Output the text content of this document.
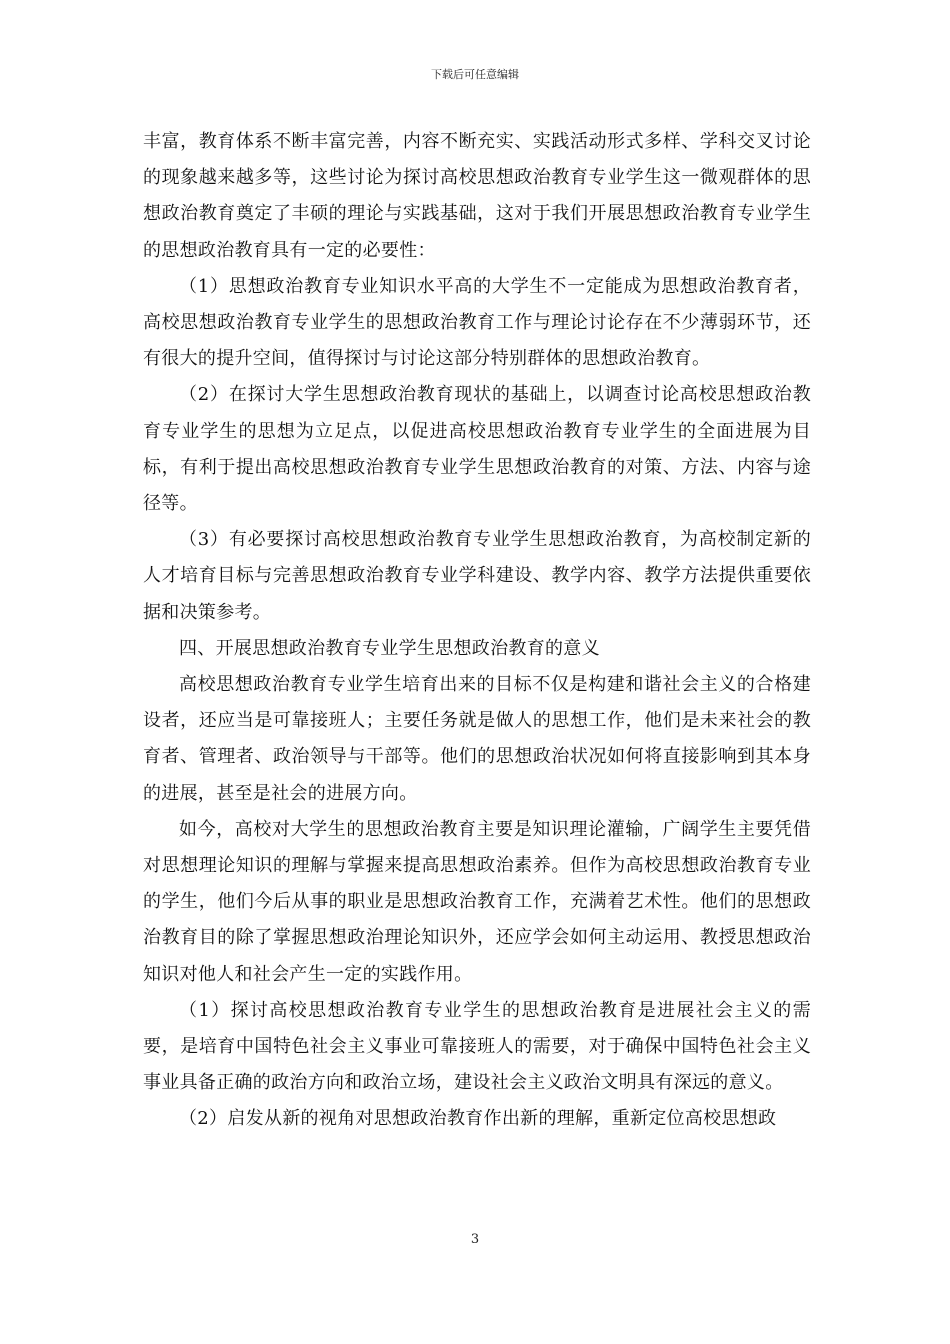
下载后可任意编辑

丰富，教育体系不断丰富完善，内容不断充实、实践活动形式多样、学科交叉讨论的现象越来越多等，这些讨论为探讨高校思想政治教育专业学生这一微观群体的思想政治教育奠定了丰硕的理论与实践基础，这对于我们开展思想政治教育专业学生的思想政治教育具有一定的必要性：

（1）思想政治教育专业知识水平高的大学生不一定能成为思想政治教育者，高校思想政治教育专业学生的思想政治教育工作与理论讨论存在不少薄弱环节，还有很大的提升空间，值得探讨与讨论这部分特别群体的思想政治教育。

（2）在探讨大学生思想政治教育现状的基础上，以调查讨论高校思想政治教育专业学生的思想为立足点，以促进高校思想政治教育专业学生的全面进展为目标，有利于提出高校思想政治教育专业学生思想政治教育的对策、方法、内容与途径等。

（3）有必要探讨高校思想政治教育专业学生思想政治教育，为高校制定新的人才培育目标与完善思想政治教育专业学科建设、教学内容、教学方法提供重要依据和决策参考。

四、开展思想政治教育专业学生思想政治教育的意义

高校思想政治教育专业学生培育出来的目标不仅是构建和谐社会主义的合格建设者，还应当是可靠接班人；主要任务就是做人的思想工作，他们是未来社会的教育者、管理者、政治领导与干部等。他们的思想政治状况如何将直接影响到其本身的进展，甚至是社会的进展方向。

如今，高校对大学生的思想政治教育主要是知识理论灌输，广阔学生主要凭借对思想理论知识的理解与掌握来提高思想政治素养。但作为高校思想政治教育专业的学生，他们今后从事的职业是思想政治教育工作，充满着艺术性。他们的思想政治教育目的除了掌握思想政治理论知识外，还应学会如何主动运用、教授思想政治知识对他人和社会产生一定的实践作用。

（1）探讨高校思想政治教育专业学生的思想政治教育是进展社会主义的需要，是培育中国特色社会主义事业可靠接班人的需要，对于确保中国特色社会主义事业具备正确的政治方向和政治立场，建设社会主义政治文明具有深远的意义。

（2）启发从新的视角对思想政治教育作出新的理解，重新定位高校思想政

3
